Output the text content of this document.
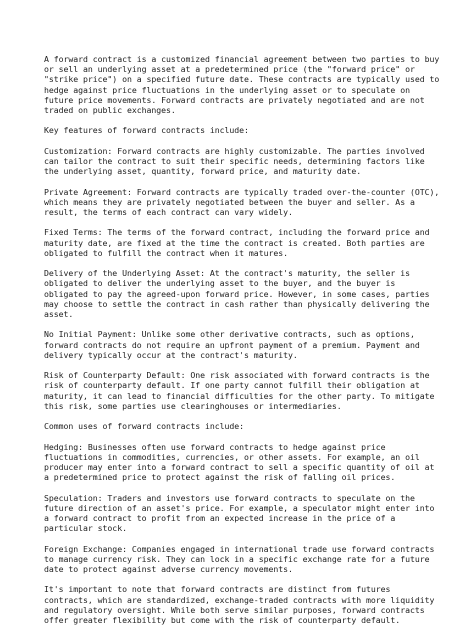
A forward contract is a customized financial agreement between two parties to buy or sell an underlying asset at a predetermined price (the "forward price" or "strike price") on a specified future date. These contracts are typically used to hedge against price fluctuations in the underlying asset or to speculate on future price movements. Forward contracts are privately negotiated and are not traded on public exchanges.

Key features of forward contracts include:

Customization: Forward contracts are highly customizable. The parties involved can tailor the contract to suit their specific needs, determining factors like the underlying asset, quantity, forward price, and maturity date.

Private Agreement: Forward contracts are typically traded over-the-counter (OTC), which means they are privately negotiated between the buyer and seller. As a result, the terms of each contract can vary widely.

Fixed Terms: The terms of the forward contract, including the forward price and maturity date, are fixed at the time the contract is created. Both parties are obligated to fulfill the contract when it matures.

Delivery of the Underlying Asset: At the contract's maturity, the seller is obligated to deliver the underlying asset to the buyer, and the buyer is obligated to pay the agreed-upon forward price. However, in some cases, parties may choose to settle the contract in cash rather than physically delivering the asset.

No Initial Payment: Unlike some other derivative contracts, such as options, forward contracts do not require an upfront payment of a premium. Payment and delivery typically occur at the contract's maturity.

Risk of Counterparty Default: One risk associated with forward contracts is the risk of counterparty default. If one party cannot fulfill their obligation at maturity, it can lead to financial difficulties for the other party. To mitigate this risk, some parties use clearinghouses or intermediaries.

Common uses of forward contracts include:

Hedging: Businesses often use forward contracts to hedge against price fluctuations in commodities, currencies, or other assets. For example, an oil producer may enter into a forward contract to sell a specific quantity of oil at a predetermined price to protect against the risk of falling oil prices.

Speculation: Traders and investors use forward contracts to speculate on the future direction of an asset's price. For example, a speculator might enter into a forward contract to profit from an expected increase in the price of a particular stock.

Foreign Exchange: Companies engaged in international trade use forward contracts to manage currency risk. They can lock in a specific exchange rate for a future date to protect against adverse currency movements.

It's important to note that forward contracts are distinct from futures contracts, which are standardized, exchange-traded contracts with more liquidity and regulatory oversight. While both serve similar purposes, forward contracts offer greater flexibility but come with the risk of counterparty default.
